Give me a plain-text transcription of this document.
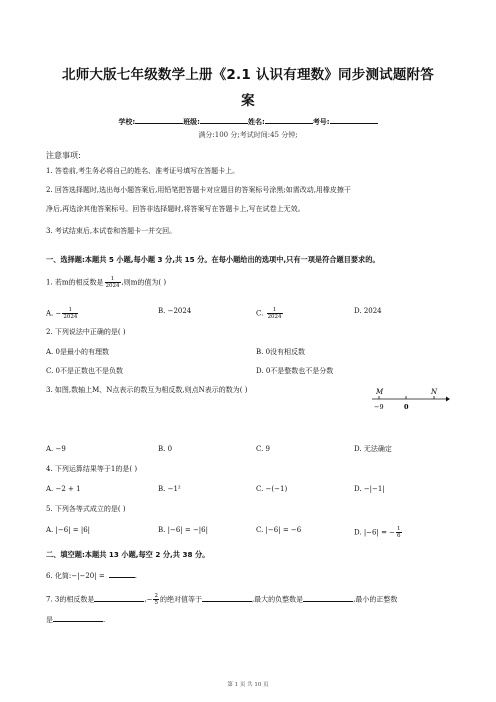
北师大版七年级数学上册《2.1 认识有理数》同步测试题附答
案
学校:	班级:	姓名:	考号:
满分:100 分;考试时间:45 分钟;
注意事项:
1. 答卷前,考生务必将自己的姓名、准考证号填写在答题卡上。
2. 回答选择题时,选出每小题答案后,用铅笔把答题卡对应题目的答案标号涂黑;如需改动,用橡皮擦干
净后,再选涂其他答案标号。回答非选择题时,将答案写在答题卡上,写在试卷上无效。
3. 考试结束后,本试卷和答题卡一并交回。
一、选择题:本题共 5 小题,每小题 3 分,共 15 分。在每小题给出的选项中,只有一项是符合题目要求的。
1. 若m的相反数是 $\frac{1}{2024}$ ,则m的值为( )
A. − $\frac{1}{2024}$	B. −2024	C. $\frac{1}{2024}$	D. 2024
2. 下列说法中正确的是( )
A. 0是最小的有理数	B. 0没有相反数
C. 0不是正数也不是负数	D. 0不是整数也不是分数
3. 如图,数轴上M、N点表示的数互为相反数,则点N表示的数为( )	M	N
−9	0
A. −9	B. 0	C. 9	D. 无法确定
4. 下列运算结果等于1的是( )
A. −2 + 1	B. −1²	C. −(−1)	D. −|−1|
5. 下列各等式成立的是( )
A. |−6| = |6|	B. |−6| = −|6|	C. |−6| = −6	D. |−6| = − $\frac{1}{6}$
二、填空题:本题共 13 小题,每空 2 分,共 38 分。
6. 化简:−|−20| =	.
7. 3的相反数是	,− $\frac{2}{5}$ 的绝对值等于	,最大的负整数是	,最小的正整数
是	.
第 1 页 共 10 页
